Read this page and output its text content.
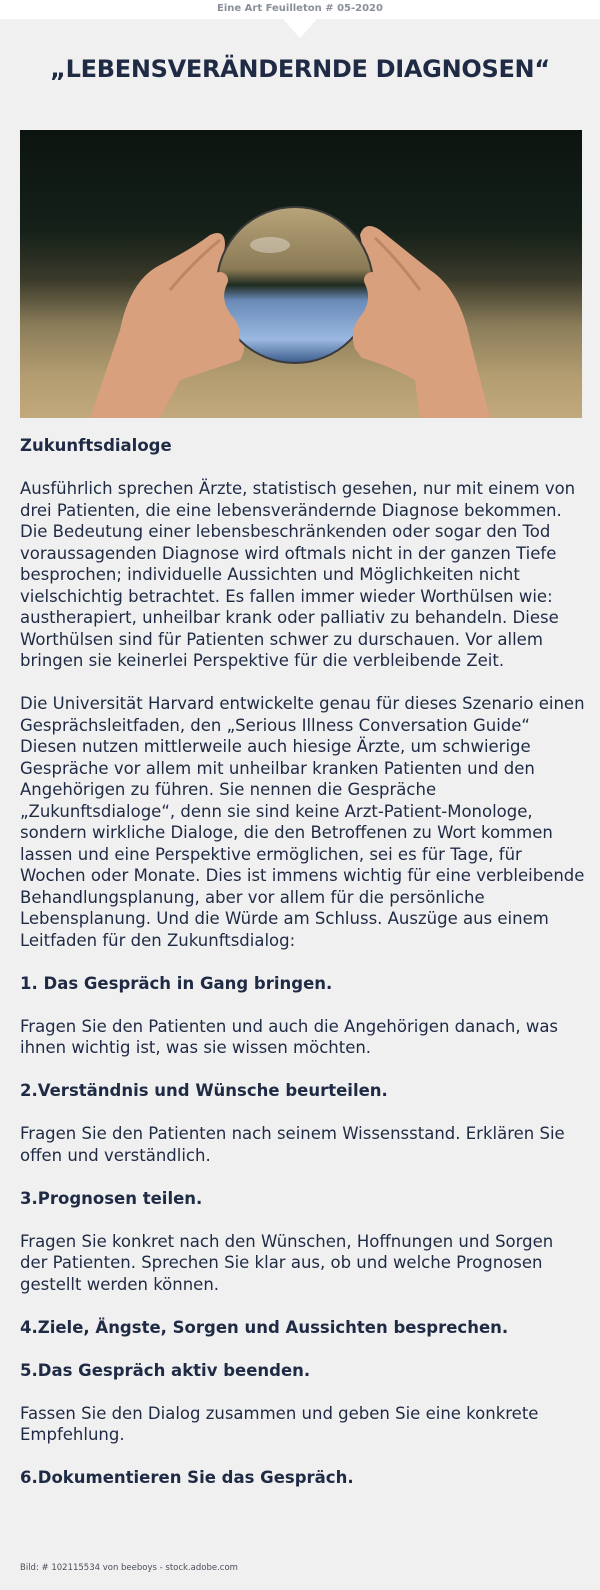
Eine Art Feuilleton # 05-2020
„LEBENSVERÄNDERNDE DIAGNOSEN“
Zukunftsdialoge

Ausführlich sprechen Ärzte, statistisch gesehen, nur mit einem von drei Patienten, die eine lebensverändernde Diagnose bekommen. Die Bedeutung einer lebensbeschränkenden oder sogar den Tod voraussagenden Diagnose wird oftmals nicht in der ganzen Tiefe besprochen; individuelle Aussichten und Möglichkeiten nicht vielschichtig betrachtet. Es fallen immer wieder Worthülsen wie: austherapiert, unheilbar krank oder palliativ zu behandeln. Diese Worthülsen sind für Patienten schwer zu durschauen. Vor allem bringen sie keinerlei Perspektive für die verbleibende Zeit.

Die Universität Harvard entwickelte genau für dieses Szenario einen Gesprächsleitfaden, den „Serious Illness Conversation Guide“ Diesen nutzen mittlerweile auch hiesige Ärzte, um schwierige Gespräche vor allem mit unheilbar kranken Patienten und den Angehörigen zu führen. Sie nennen die Gespräche „Zukunftsdialoge“, denn sie sind keine Arzt-Patient-Monologe, sondern wirkliche Dialoge, die den Betroffenen zu Wort kommen lassen und eine Perspektive ermöglichen, sei es für Tage, für Wochen oder Monate. Dies ist immens wichtig für eine verbleibende Behandlungsplanung, aber vor allem für die persönliche Lebensplanung. Und die Würde am Schluss. Auszüge aus einem Leitfaden für den Zukunftsdialog:

1. Das Gespräch in Gang bringen.

Fragen Sie den Patienten und auch die Angehörigen danach, was ihnen wichtig ist, was sie wissen möchten.

2.Verständnis und Wünsche beurteilen.

Fragen Sie den Patienten nach seinem Wissensstand. Erklären Sie offen und verständlich.

3.Prognosen teilen.

Fragen Sie konkret nach den Wünschen, Hoffnungen und Sorgen der Patienten. Sprechen Sie klar aus, ob und welche Prognosen gestellt werden können.

4.Ziele, Ängste, Sorgen und Aussichten besprechen.
5.Das Gespräch aktiv beenden.

Fassen Sie den Dialog zusammen und geben Sie eine konkrete Empfehlung.

6.Dokumentieren Sie das Gespräch.
Bild: # 102115534 von beeboys - stock.adobe.com
